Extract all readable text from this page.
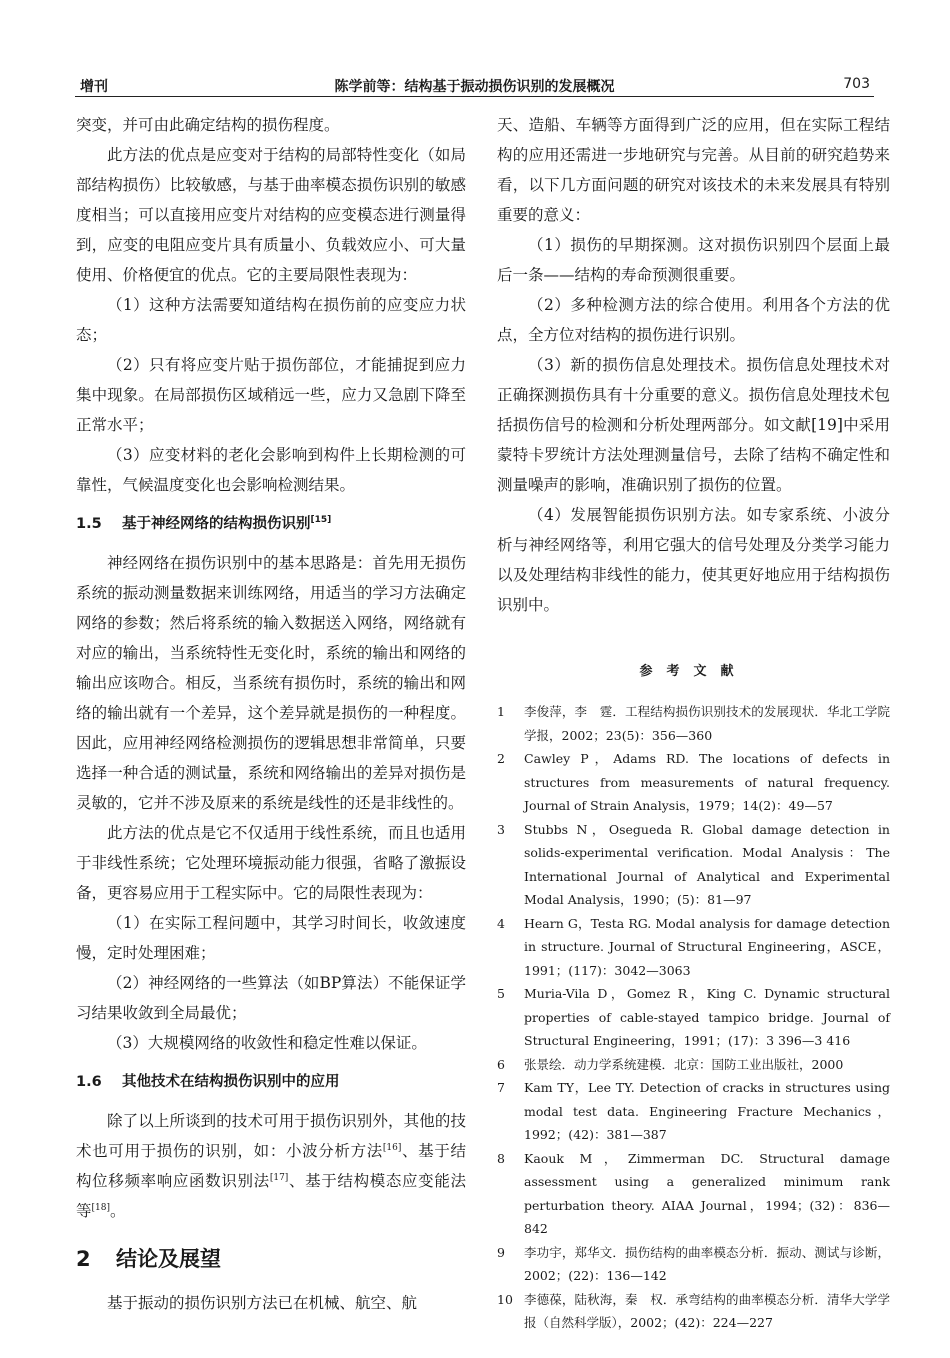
增刊	陈学前等：结构基于振动损伤识别的发展概况	703

突变，并可由此确定结构的损伤程度。

此方法的优点是应变对于结构的局部特性变化（如局部结构损伤）比较敏感，与基于曲率模态损伤识别的敏感度相当；可以直接用应变片对结构的应变模态进行测量得到，应变的电阻应变片具有质量小、负载效应小、可大量使用、价格便宜的优点。它的主要局限性表现为：

（1）这种方法需要知道结构在损伤前的应变应力状态；

（2）只有将应变片贴于损伤部位，才能捕捉到应力集中现象。在局部损伤区域稍远一些，应力又急剧下降至正常水平；

（3）应变材料的老化会影响到构件上长期检测的可靠性，气候温度变化也会影响检测结果。

1.5 基于神经网络的结构损伤识别[15]

神经网络在损伤识别中的基本思路是：首先用无损伤系统的振动测量数据来训练网络，用适当的学习方法确定网络的参数；然后将系统的输入数据送入网络，网络就有对应的输出，当系统特性无变化时，系统的输出和网络的输出应该吻合。相反，当系统有损伤时，系统的输出和网络的输出就有一个差异，这个差异就是损伤的一种程度。因此，应用神经网络检测损伤的逻辑思想非常简单，只要选择一种合适的测试量，系统和网络输出的差异对损伤是灵敏的，它并不涉及原来的系统是线性的还是非线性的。

此方法的优点是它不仅适用于线性系统，而且也适用于非线性系统；它处理环境振动能力很强，省略了激振设备，更容易应用于工程实际中。它的局限性表现为：

（1）在实际工程问题中，其学习时间长，收敛速度慢，定时处理困难；

（2）神经网络的一些算法（如BP算法）不能保证学习结果收敛到全局最优；

（3）大规模网络的收敛性和稳定性难以保证。

1.6 其他技术在结构损伤识别中的应用

除了以上所谈到的技术可用于损伤识别外，其他的技术也可用于损伤的识别，如：小波分析方法[16]、基于结构位移频率响应函数识别法[17]、基于结构模态应变能法等[18]。

2 结论及展望

基于振动的损伤识别方法已在机械、航空、航

天、造船、车辆等方面得到广泛的应用，但在实际工程结构的应用还需进一步地研究与完善。从目前的研究趋势来看，以下几方面问题的研究对该技术的未来发展具有特别重要的意义：

（1）损伤的早期探测。这对损伤识别四个层面上最后一条——结构的寿命预测很重要。

（2）多种检测方法的综合使用。利用各个方法的优点，全方位对结构的损伤进行识别。

（3）新的损伤信息处理技术。损伤信息处理技术对正确探测损伤具有十分重要的意义。损伤信息处理技术包括损伤信号的检测和分析处理两部分。如文献[19]中采用蒙特卡罗统计方法处理测量信号，去除了结构不确定性和测量噪声的影响，准确识别了损伤的位置。

（4）发展智能损伤识别方法。如专家系统、小波分析与神经网络等，利用它强大的信号处理及分类学习能力以及处理结构非线性的能力，使其更好地应用于结构损伤识别中。

参考文献

1 李俊萍，李　霆．工程结构损伤识别技术的发展现状．华北工学院学报，2002；23(5)：356—360

2 Cawley P，Adams RD. The locations of defects in structures from measurements of natural frequency. Journal of Strain Analysis，1979；14(2)：49—57

3 Stubbs N，Osegueda R. Global damage detection in solids-experimental verification. Modal Analysis：The International Journal of Analytical and Experimental Modal Analysis，1990；(5)：81—97

4 Hearn G，Testa RG. Modal analysis for damage detection in structure. Journal of Structural Engineering，ASCE，1991；(117)：3042—3063

5 Muria-Vila D，Gomez R，King C. Dynamic structural properties of cable-stayed tampico bridge. Journal of Structural Engineering，1991；(17)：3 396—3 416

6 张景绘．动力学系统建模．北京：国防工业出版社，2000

7 Kam TY，Lee TY. Detection of cracks in structures using modal test data. Engineering Fracture Mechanics，1992；(42)：381—387

8 Kaouk M，Zimmerman DC. Structural damage assessment using a generalized minimum rank perturbation theory. AIAA Journal，1994；(32)：836—842

9 李功宇，郑华文．损伤结构的曲率模态分析．振动、测试与诊断，2002；(22)：136—142

10 李德葆，陆秋海，秦　权．承弯结构的曲率模态分析．清华大学学报（自然科学版），2002；(42)：224—227
